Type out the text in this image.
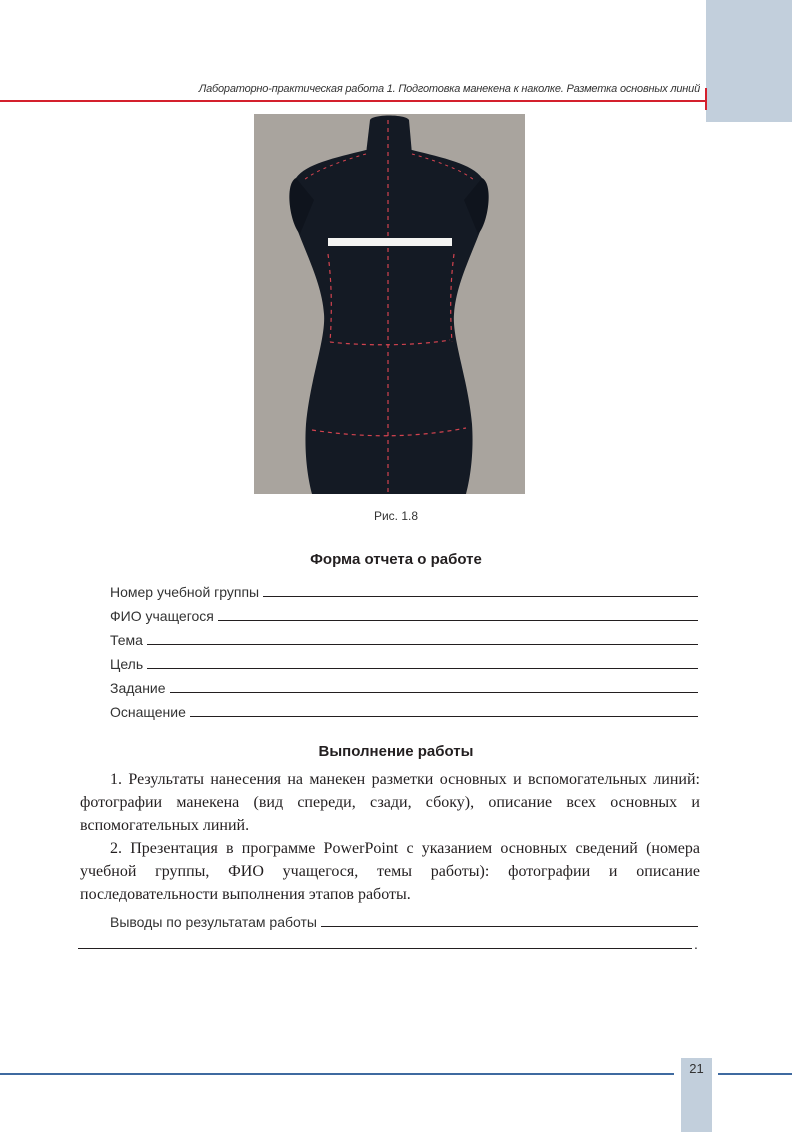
Лабораторно-практическая работа 1. Подготовка манекена к наколке. Разметка основных линий
Рис. 1.8
Форма отчета о работе
Номер учебной группы
ФИО учащегося
Тема
Цель
Задание
Оснащение
Выполнение работы
1. Результаты нанесения на манекен разметки основных и вспомогательных линий: фотографии манекена (вид спереди, сзади, сбоку), описание всех основных и вспомогательных линий.
2. Презентация в программе PowerPoint с указанием основных сведений (номера учебной группы, ФИО учащегося, темы работы): фотографии и описание последовательности выполнения этапов работы.
Выводы по результатам работы
.
21
